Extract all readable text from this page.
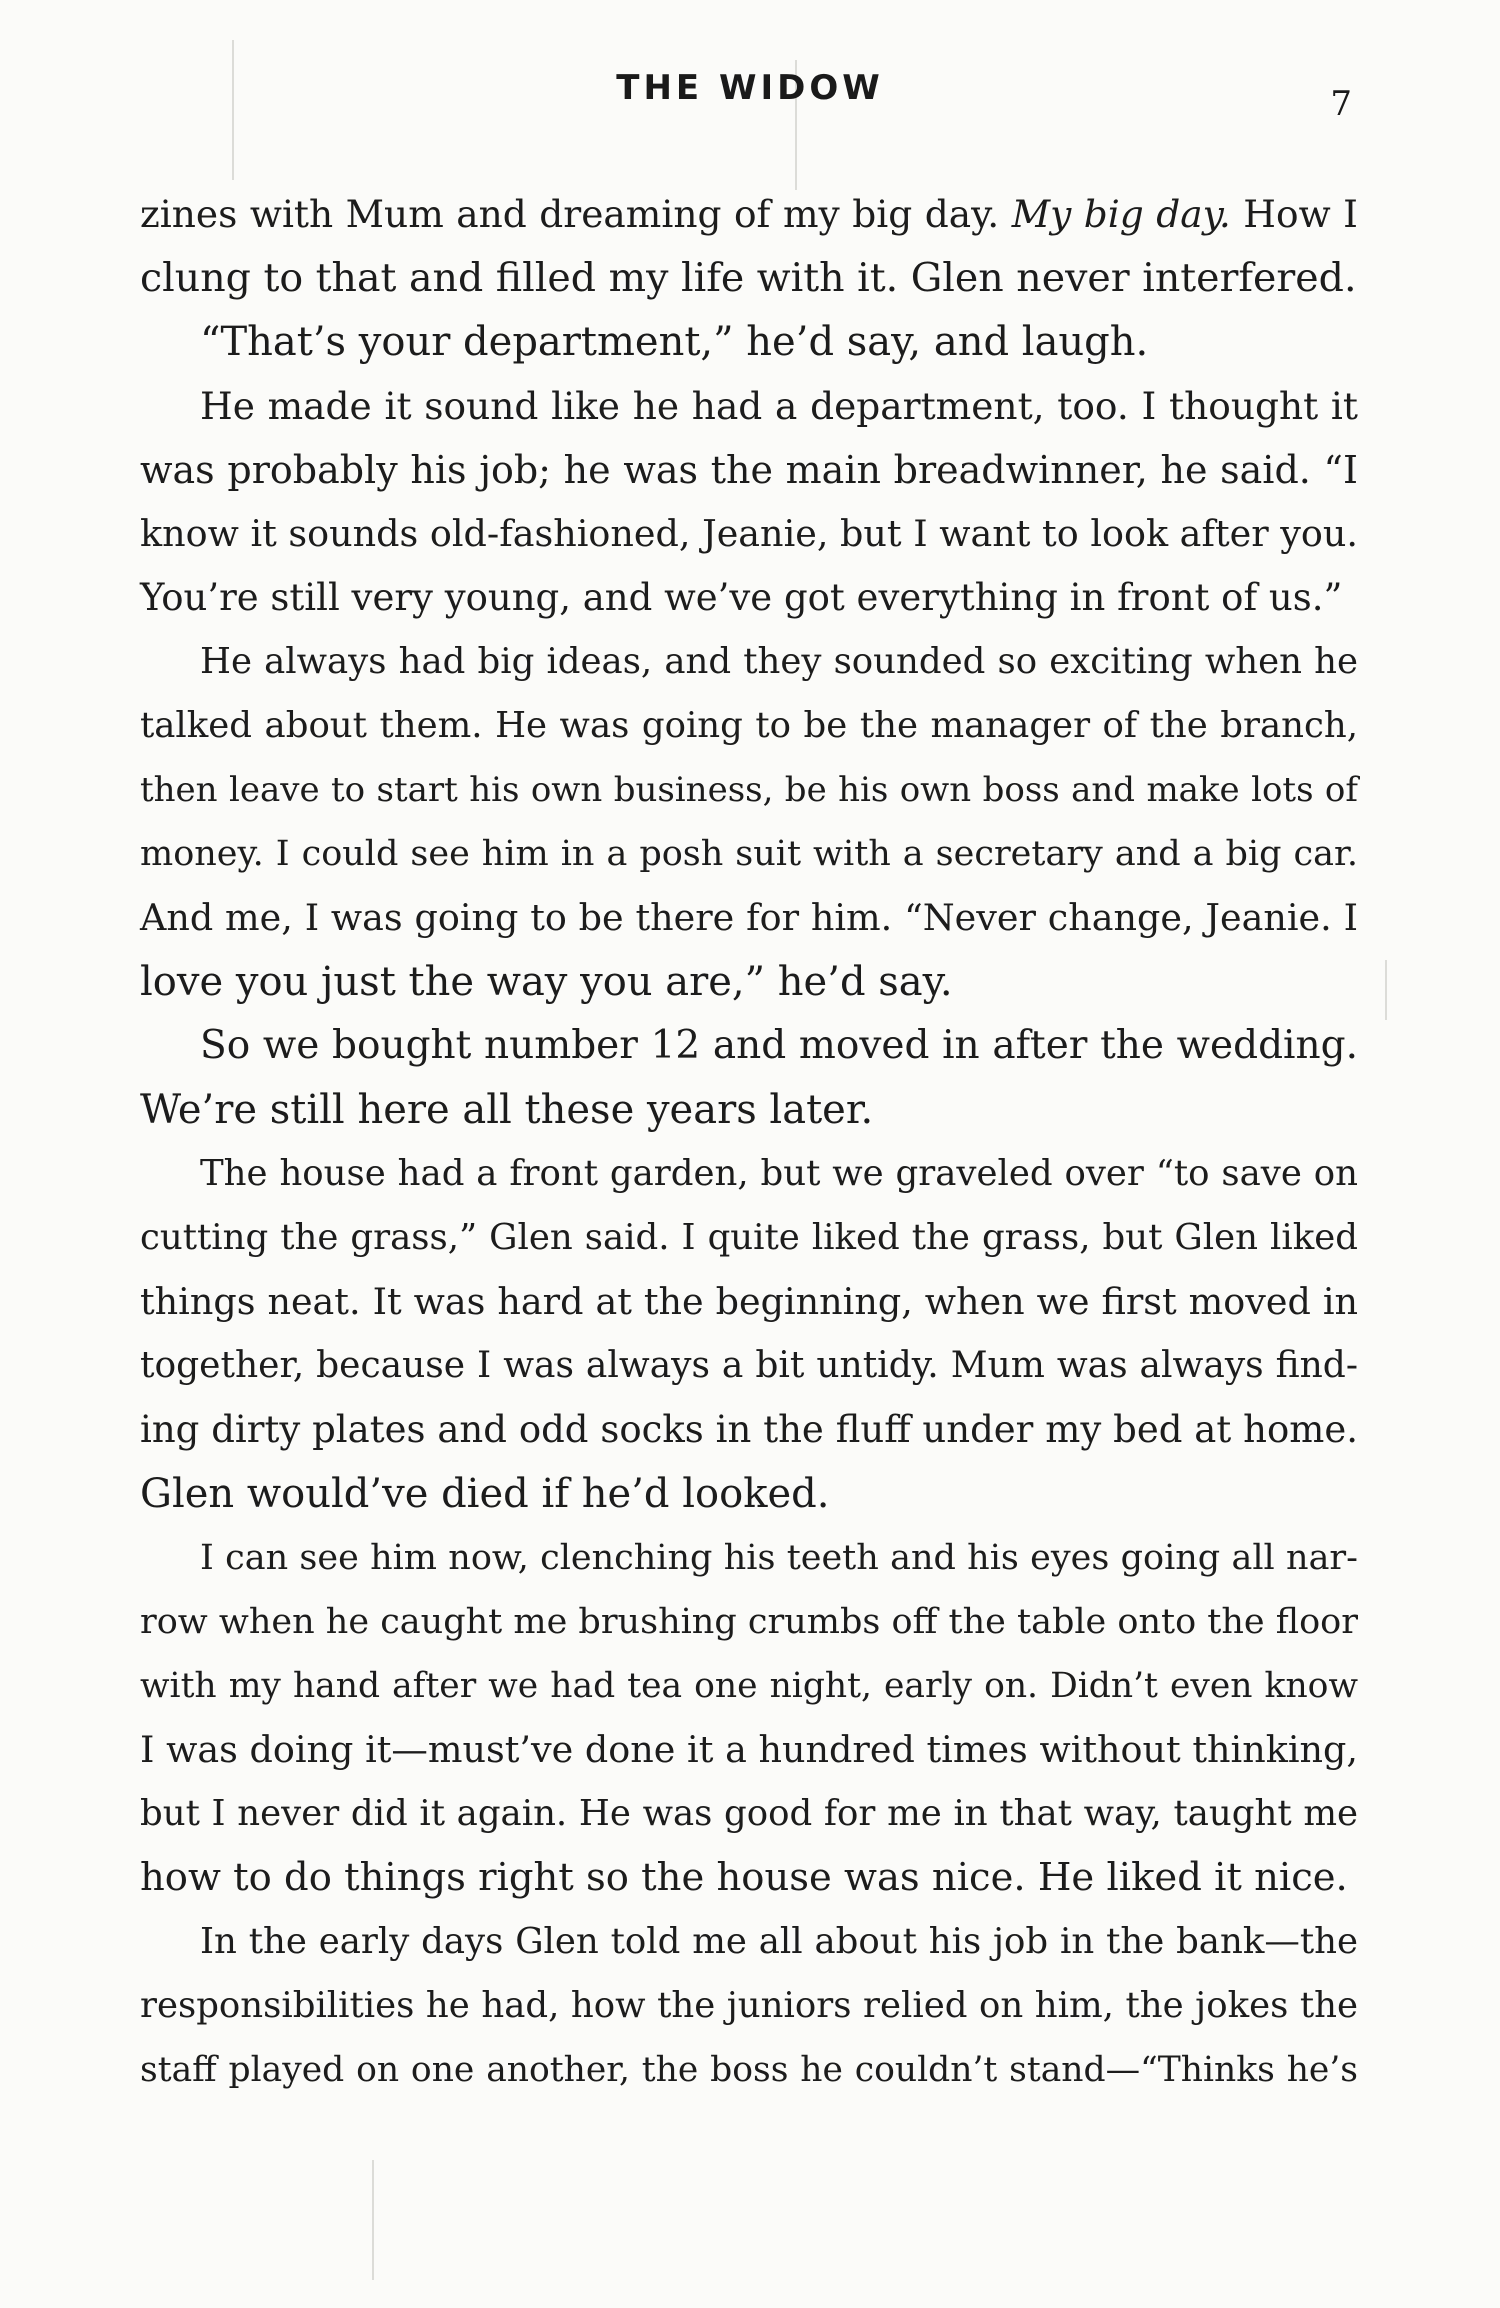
THE WIDOW	7
zines with Mum and dreaming of my big day. My big day. How I
clung to that and filled my life with it. Glen never interfered.
“That’s your department,” he’d say, and laugh.
He made it sound like he had a department, too. I thought it
was probably his job; he was the main breadwinner, he said. “I
know it sounds old-fashioned, Jeanie, but I want to look after you.
You’re still very young, and we’ve got everything in front of us.”
He always had big ideas, and they sounded so exciting when he
talked about them. He was going to be the manager of the branch,
then leave to start his own business, be his own boss and make lots of
money. I could see him in a posh suit with a secretary and a big car.
And me, I was going to be there for him. “Never change, Jeanie. I
love you just the way you are,” he’d say.
So we bought number 12 and moved in after the wedding.
We’re still here all these years later.
The house had a front garden, but we graveled over “to save on
cutting the grass,” Glen said. I quite liked the grass, but Glen liked
things neat. It was hard at the beginning, when we first moved in
together, because I was always a bit untidy. Mum was always find-
ing dirty plates and odd socks in the fluff under my bed at home.
Glen would’ve died if he’d looked.
I can see him now, clenching his teeth and his eyes going all nar-
row when he caught me brushing crumbs off the table onto the floor
with my hand after we had tea one night, early on. Didn’t even know
I was doing it—must’ve done it a hundred times without thinking,
but I never did it again. He was good for me in that way, taught me
how to do things right so the house was nice. He liked it nice.
In the early days Glen told me all about his job in the bank—the
responsibilities he had, how the juniors relied on him, the jokes the
staff played on one another, the boss he couldn’t stand—“Thinks he’s
